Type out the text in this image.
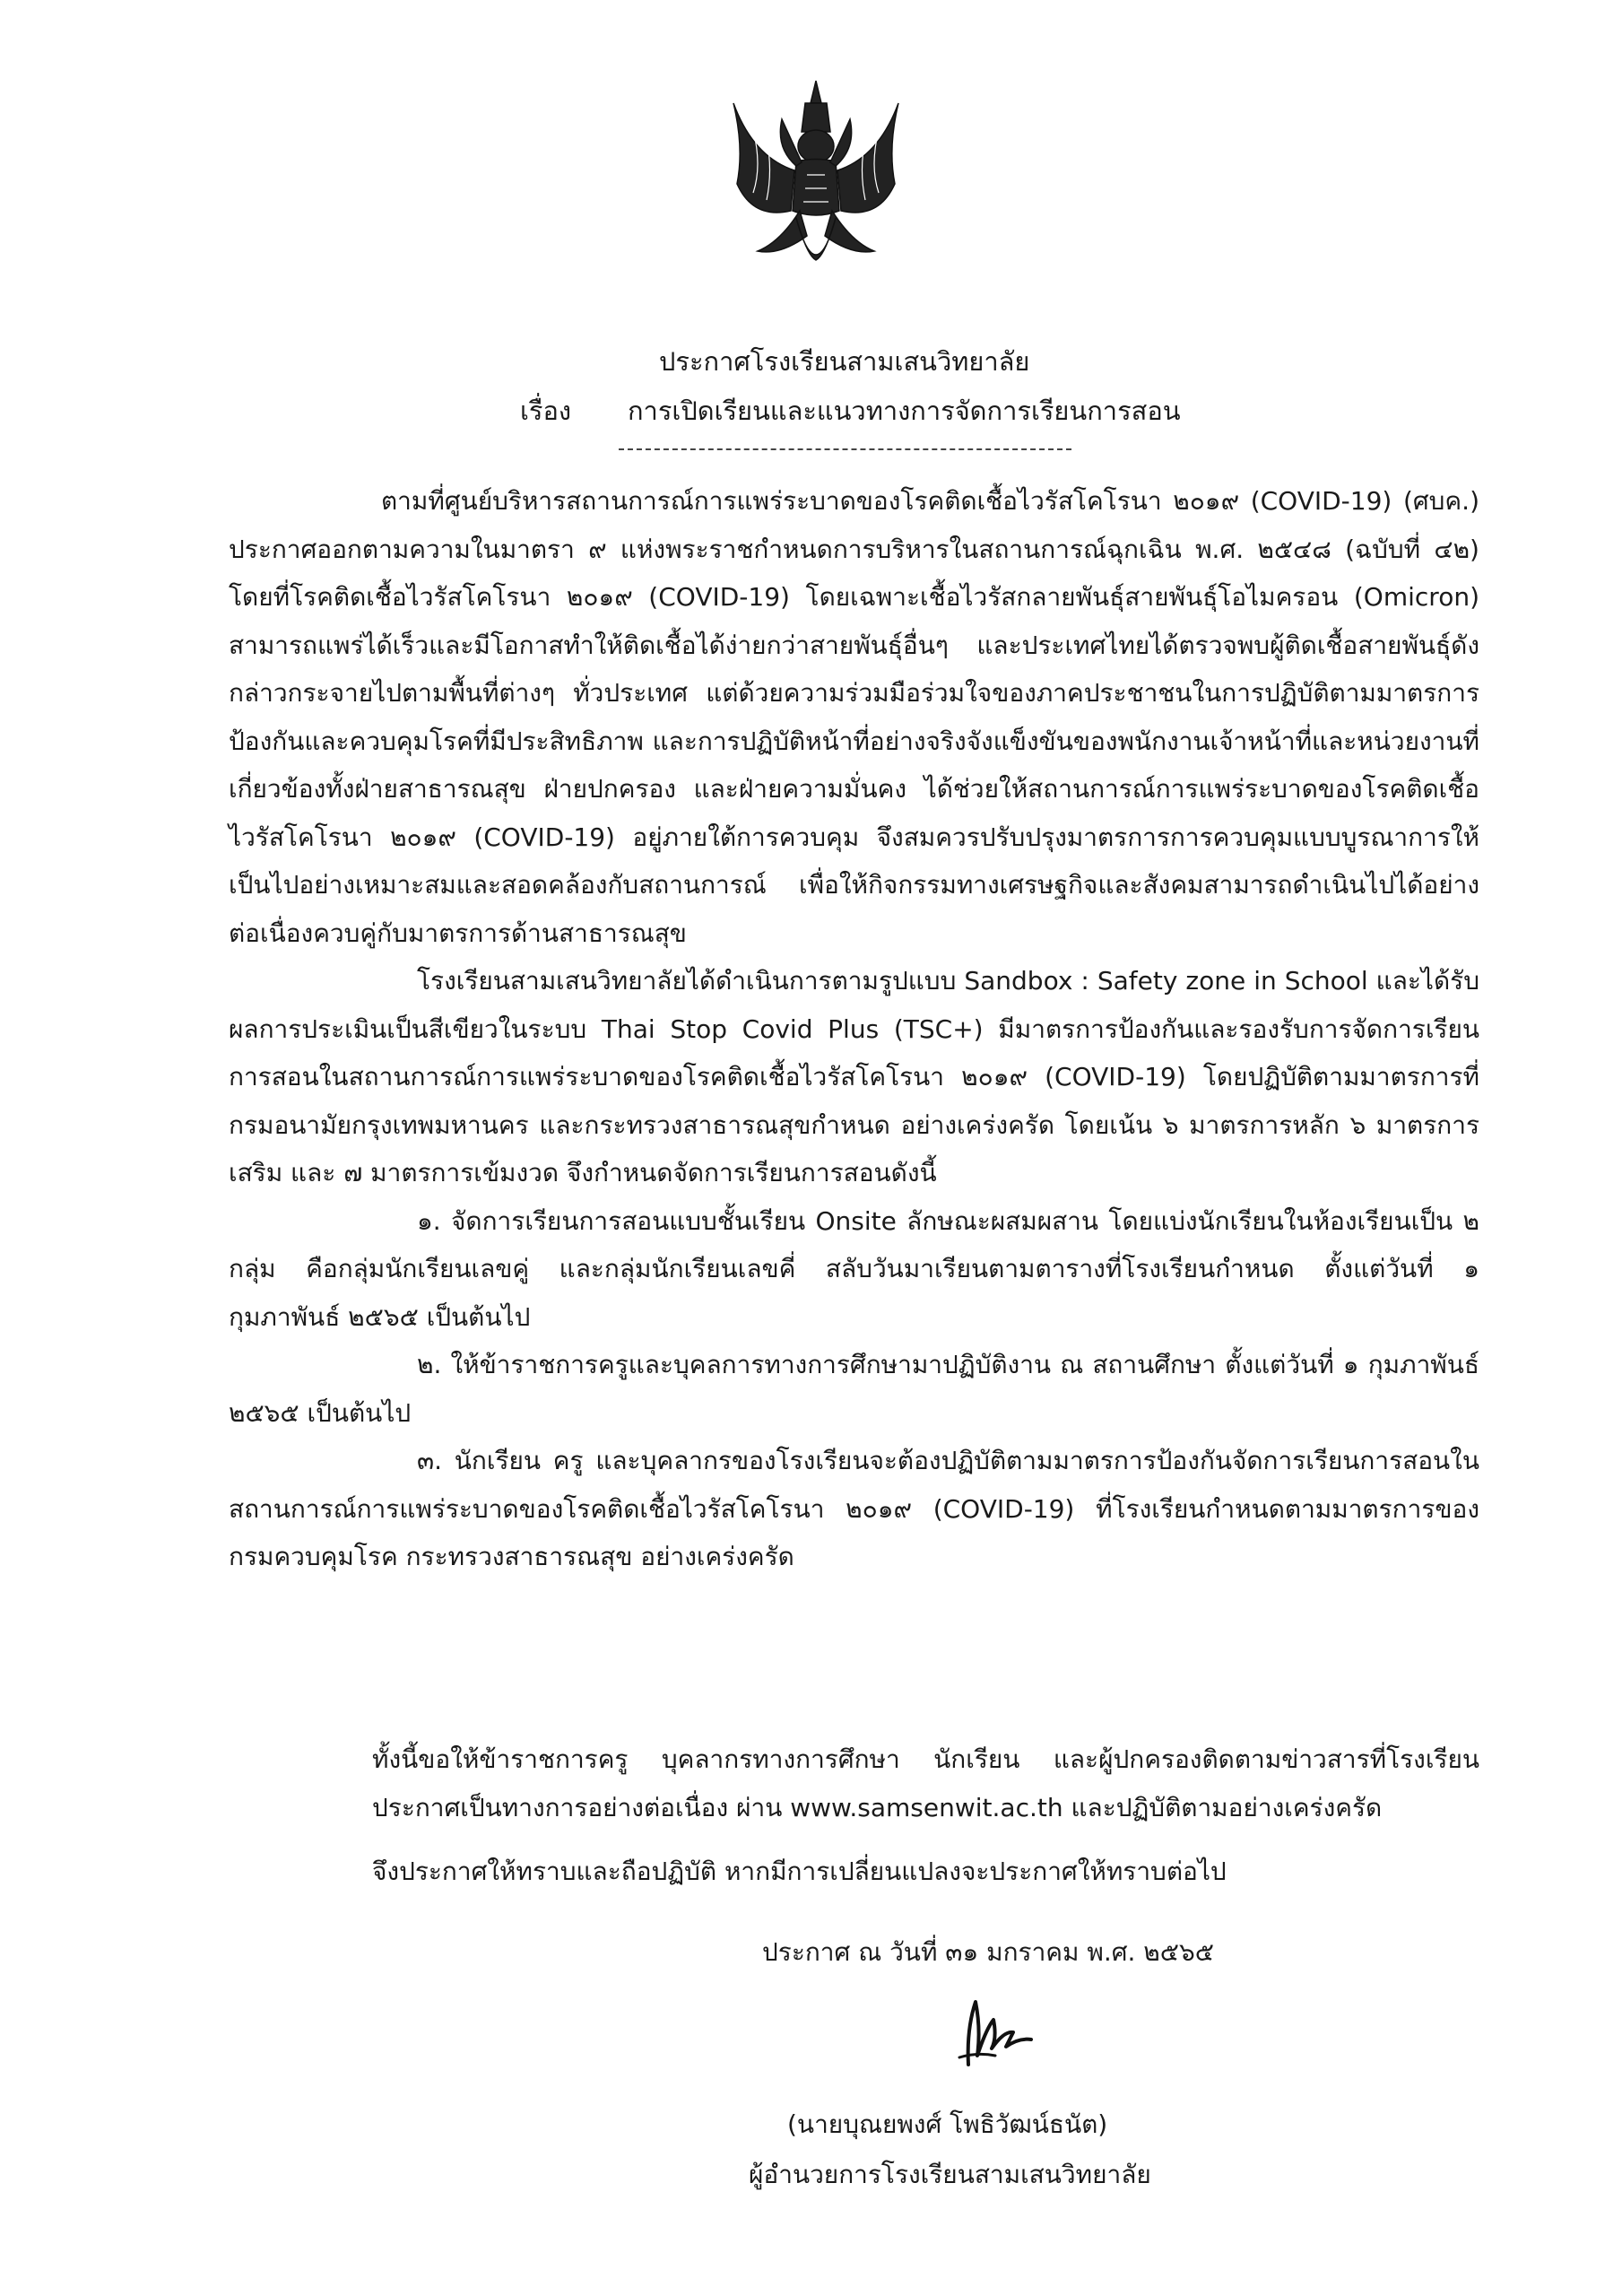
ประกาศโรงเรียนสามเสนวิทยาลัย
เรื่อง การเปิดเรียนและแนวทางการจัดการเรียนการสอน

ตามที่ศูนย์บริหารสถานการณ์การแพร่ระบาดของโรคติดเชื้อไวรัสโคโรนา ๒๐๑๙ (COVID-19) (ศบค.) ประกาศออกตามความในมาตรา ๙ แห่งพระราชกำหนดการบริหารในสถานการณ์ฉุกเฉิน พ.ศ. ๒๕๔๘ (ฉบับที่ ๔๒) โดยที่โรคติดเชื้อไวรัสโคโรนา ๒๐๑๙ (COVID-19) โดยเฉพาะเชื้อไวรัสกลายพันธุ์สายพันธุ์โอไมครอน (Omicron) สามารถแพร่ได้เร็วและมีโอกาสทำให้ติดเชื้อได้ง่ายกว่าสายพันธุ์อื่นๆ และประเทศไทยได้ตรวจพบผู้ติดเชื้อสายพันธุ์ดังกล่าวกระจายไปตามพื้นที่ต่างๆ ทั่วประเทศ แต่ด้วยความร่วมมือร่วมใจของภาคประชาชนในการปฏิบัติตามมาตรการป้องกันและควบคุมโรคที่มีประสิทธิภาพ และการปฏิบัติหน้าที่อย่างจริงจังแข็งขันของพนักงานเจ้าหน้าที่และหน่วยงานที่เกี่ยวข้องทั้งฝ่ายสาธารณสุข ฝ่ายปกครอง และฝ่ายความมั่นคง ได้ช่วยให้สถานการณ์การแพร่ระบาดของโรคติดเชื้อไวรัสโคโรนา ๒๐๑๙ (COVID-19) อยู่ภายใต้การควบคุม จึงสมควรปรับปรุงมาตรการการควบคุมแบบบูรณาการให้เป็นไปอย่างเหมาะสมและสอดคล้องกับสถานการณ์ เพื่อให้กิจกรรมทางเศรษฐกิจและสังคมสามารถดำเนินไปได้อย่างต่อเนื่องควบคู่กับมาตรการด้านสาธารณสุข

โรงเรียนสามเสนวิทยาลัยได้ดำเนินการตามรูปแบบ Sandbox : Safety zone in School และได้รับผลการประเมินเป็นสีเขียวในระบบ Thai Stop Covid Plus (TSC+) มีมาตรการป้องกันและรองรับการจัดการเรียนการสอนในสถานการณ์การแพร่ระบาดของโรคติดเชื้อไวรัสโคโรนา ๒๐๑๙ (COVID-19) โดยปฏิบัติตามมาตรการที่กรมอนามัยกรุงเทพมหานคร และกระทรวงสาธารณสุขกำหนด อย่างเคร่งครัด โดยเน้น ๖ มาตรการหลัก ๖ มาตรการเสริม และ ๗ มาตรการเข้มงวด จึงกำหนดจัดการเรียนการสอนดังนี้

๑. จัดการเรียนการสอนแบบชั้นเรียน Onsite ลักษณะผสมผสาน โดยแบ่งนักเรียนในห้องเรียนเป็น ๒ กลุ่ม คือกลุ่มนักเรียนเลขคู่ และกลุ่มนักเรียนเลขคี่ สลับวันมาเรียนตามตารางที่โรงเรียนกำหนด ตั้งแต่วันที่ ๑ กุมภาพันธ์ ๒๕๖๕ เป็นต้นไป

๒. ให้ข้าราชการครูและบุคลการทางการศึกษามาปฏิบัติงาน ณ สถานศึกษา ตั้งแต่วันที่ ๑ กุมภาพันธ์ ๒๕๖๕ เป็นต้นไป

๓. นักเรียน ครู และบุคลากรของโรงเรียนจะต้องปฏิบัติตามมาตรการป้องกันจัดการเรียนการสอนในสถานการณ์การแพร่ระบาดของโรคติดเชื้อไวรัสโคโรนา ๒๐๑๙ (COVID-19) ที่โรงเรียนกำหนดตามมาตรการของกรมควบคุมโรค กระทรวงสาธารณสุข อย่างเคร่งครัด

ทั้งนี้ขอให้ข้าราชการครู บุคลากรทางการศึกษา นักเรียน และผู้ปกครองติดตามข่าวสารที่โรงเรียนประกาศเป็นทางการอย่างต่อเนื่อง ผ่าน www.samsenwit.ac.th และปฏิบัติตามอย่างเคร่งครัด

จึงประกาศให้ทราบและถือปฏิบัติ หากมีการเปลี่ยนแปลงจะประกาศให้ทราบต่อไป

ประกาศ ณ วันที่ ๓๑ มกราคม พ.ศ. ๒๕๖๕
(นายบุณยพงศ์ โพธิวัฒน์ธนัต)
ผู้อำนวยการโรงเรียนสามเสนวิทยาลัย
